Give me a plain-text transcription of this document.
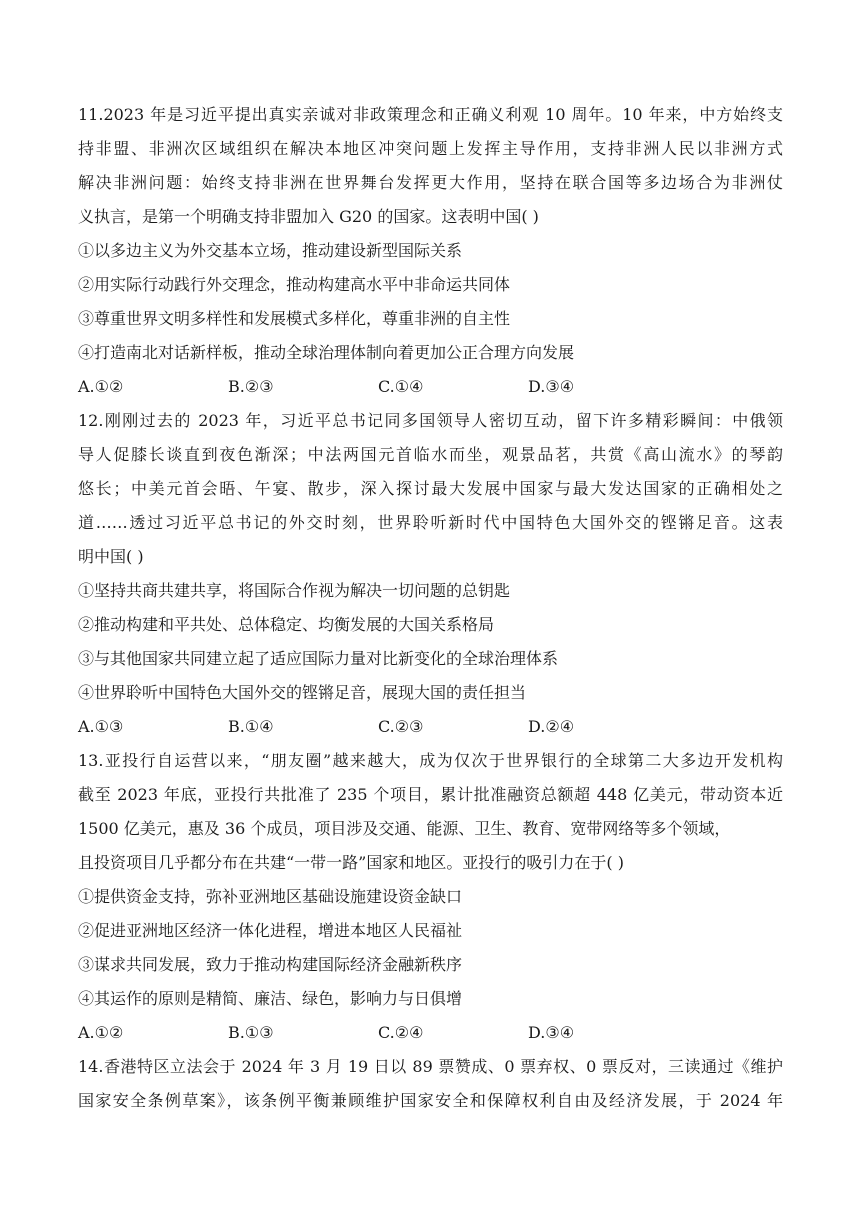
11.2023 年是习近平提出真实亲诚对非政策理念和正确义利观 10 周年。10 年来，中方始终支
持非盟、非洲次区域组织在解决本地区冲突问题上发挥主导作用，支持非洲人民以非洲方式
解决非洲问题：始终支持非洲在世界舞台发挥更大作用，坚持在联合国等多边场合为非洲仗
义执言，是第一个明确支持非盟加入 G20 的国家。这表明中国( )
①以多边主义为外交基本立场，推动建设新型国际关系
②用实际行动践行外交理念，推动构建高水平中非命运共同体
③尊重世界文明多样性和发展模式多样化，尊重非洲的自主性
④打造南北对话新样板，推动全球治理体制向着更加公正合理方向发展
A.①②	B.②③	C.①④	D.③④
12.刚刚过去的 2023 年，习近平总书记同多国领导人密切互动，留下许多精彩瞬间：中俄领
导人促膝长谈直到夜色渐深；中法两国元首临水而坐，观景品茗，共赏《高山流水》的琴韵
悠长；中美元首会晤、午宴、散步，深入探讨最大发展中国家与最大发达国家的正确相处之
道……透过习近平总书记的外交时刻，世界聆听新时代中国特色大国外交的铿锵足音。这表
明中国( )
①坚持共商共建共享，将国际合作视为解决一切问题的总钥匙
②推动构建和平共处、总体稳定、均衡发展的大国关系格局
③与其他国家共同建立起了适应国际力量对比新变化的全球治理体系
④世界聆听中国特色大国外交的铿锵足音，展现大国的责任担当
A.①③	B.①④	C.②③	D.②④
13.亚投行自运营以来，“朋友圈”越来越大，成为仅次于世界银行的全球第二大多边开发机构
截至 2023 年底，亚投行共批准了 235 个项目，累计批准融资总额超 448 亿美元，带动资本近
1500 亿美元，惠及 36 个成员，项目涉及交通、能源、卫生、教育、宽带网络等多个领域，
且投资项目几乎都分布在共建“一带一路”国家和地区。亚投行的吸引力在于( )
①提供资金支持，弥补亚洲地区基础设施建设资金缺口
②促进亚洲地区经济一体化进程，增进本地区人民福祉
③谋求共同发展，致力于推动构建国际经济金融新秩序
④其运作的原则是精简、廉洁、绿色，影响力与日俱增
A.①②	B.①③	C.②④	D.③④
14.香港特区立法会于 2024 年 3 月 19 日以 89 票赞成、0 票弃权、0 票反对，三读通过《维护
国家安全条例草案》，该条例平衡兼顾维护国家安全和保障权利自由及经济发展，于 2024 年
